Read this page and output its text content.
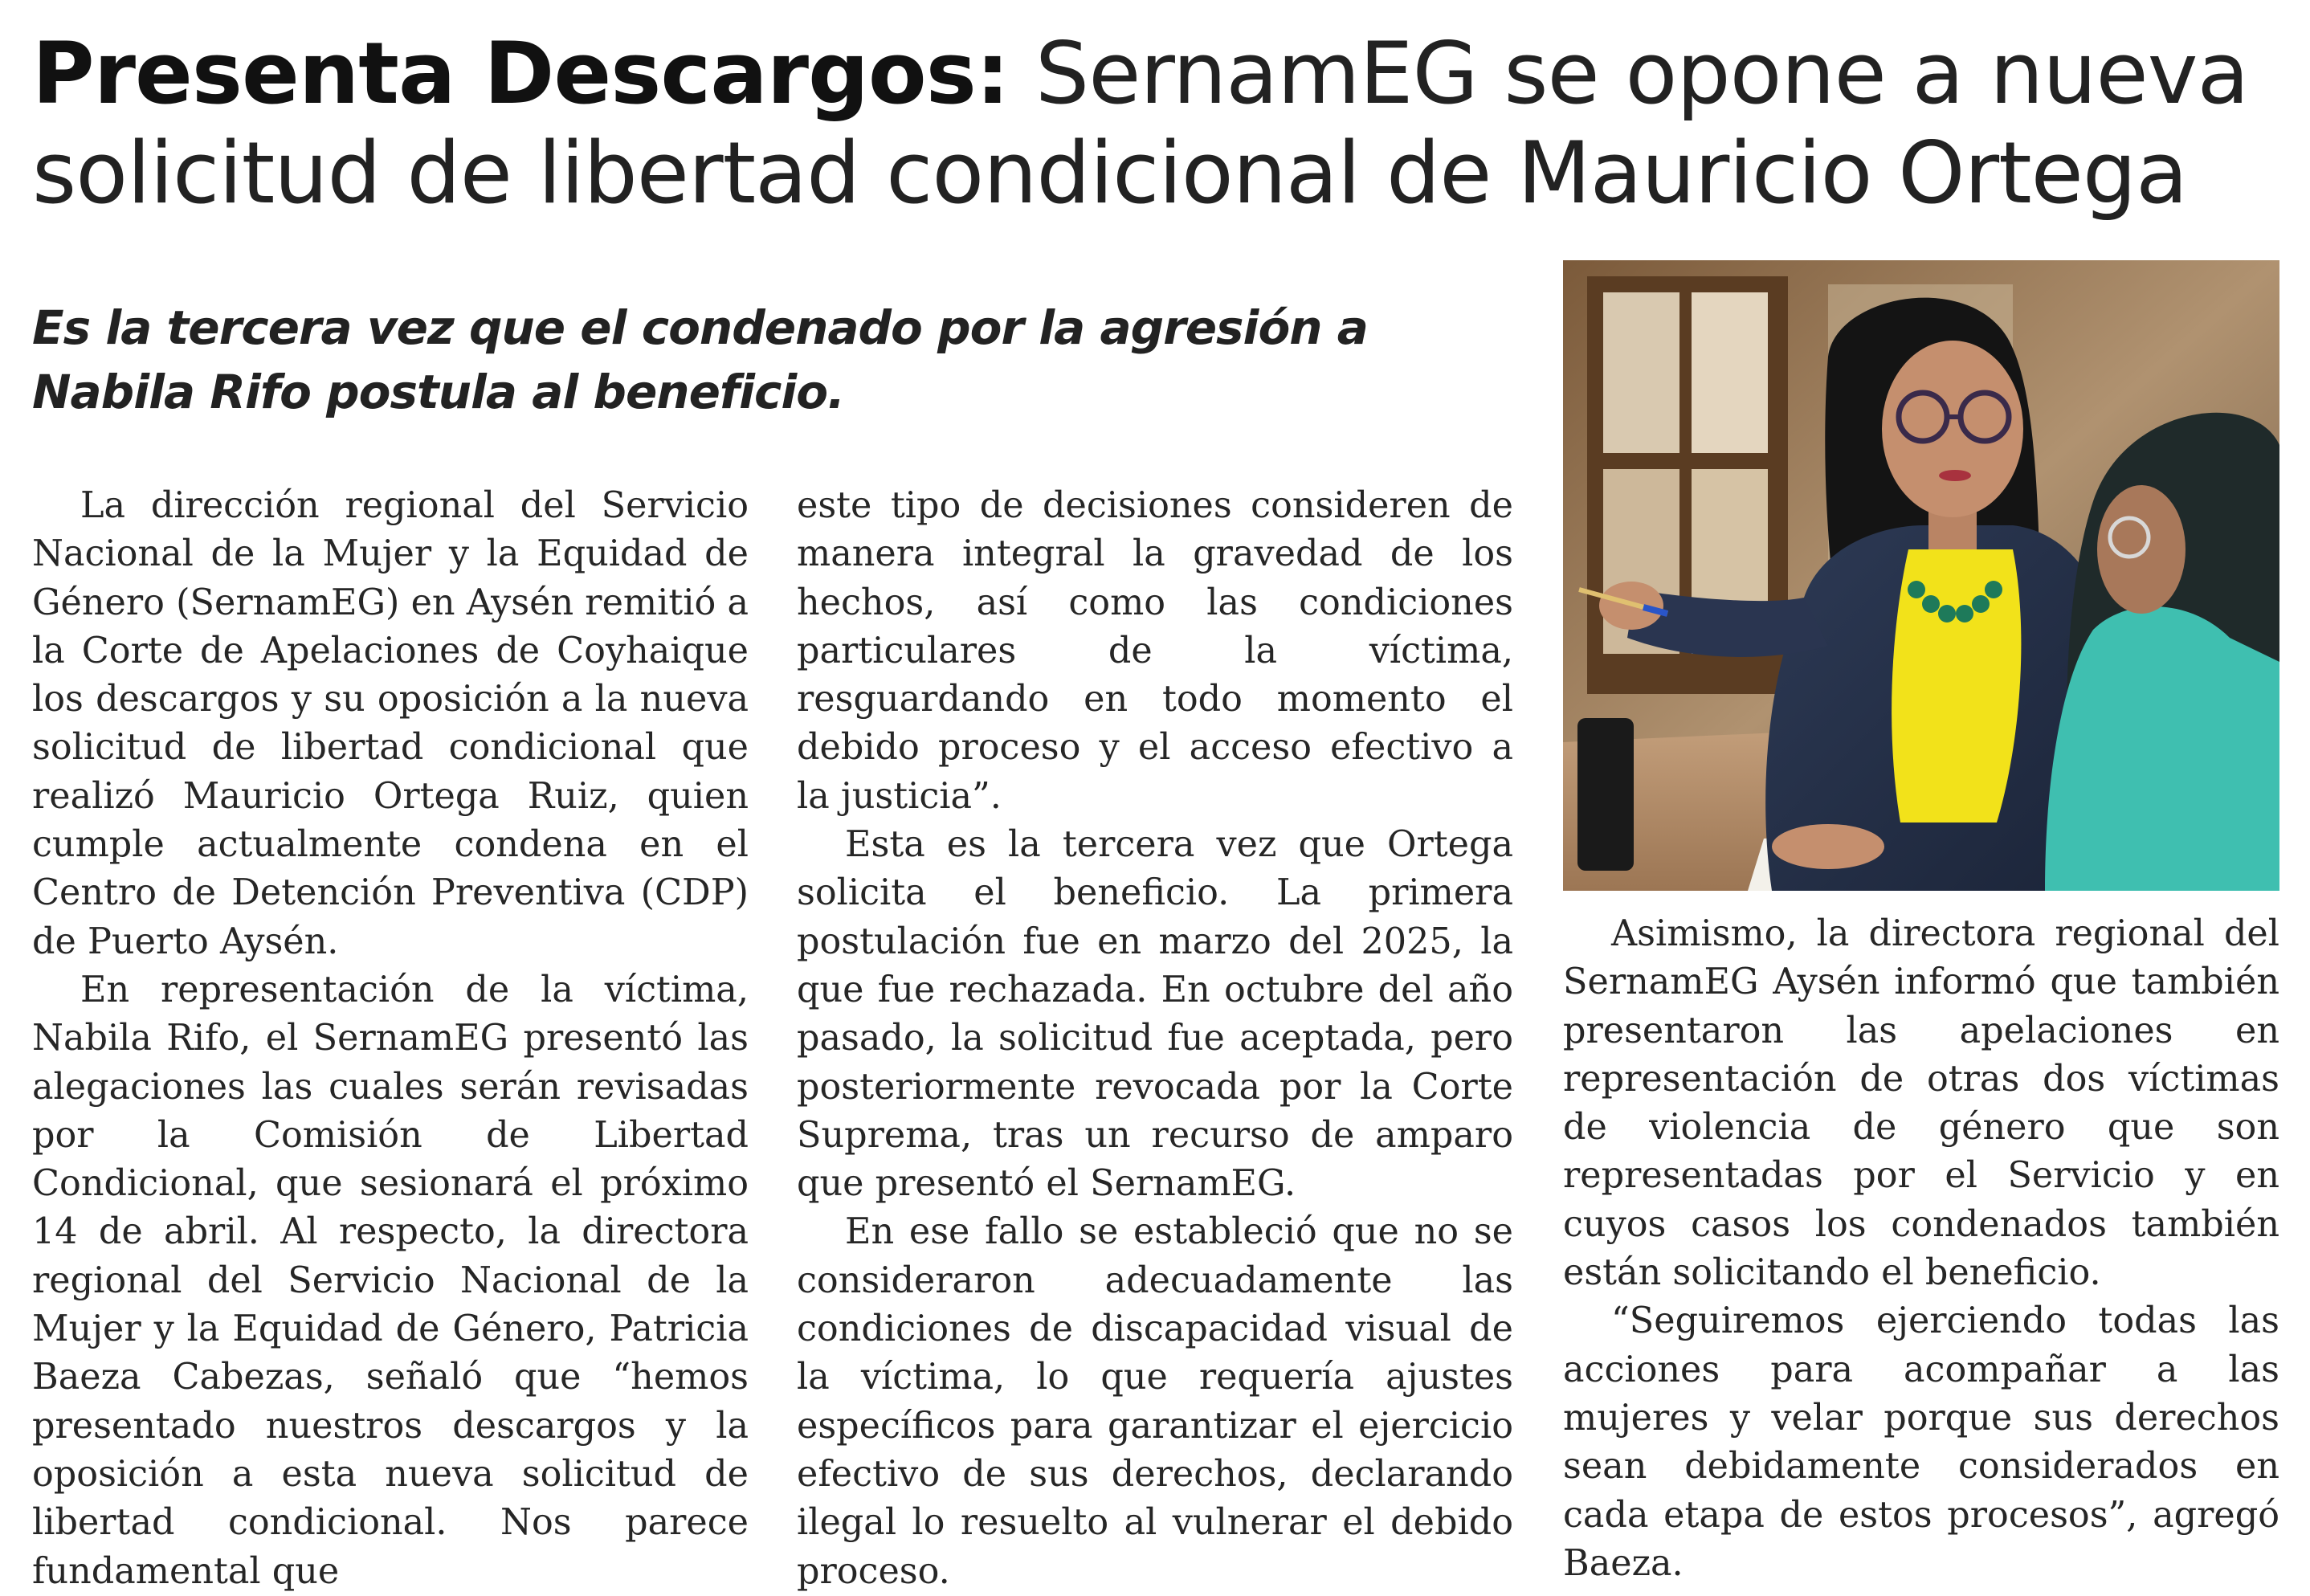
Presenta Descargos: SernamEG se opone a nueva solicitud de libertad condicional de Mauricio Ortega
Es la tercera vez que el condenado por la agresión a Nabila Rifo postula al beneficio.

La dirección regional del Servicio Nacional de la Mujer y la Equidad de Género (SernamEG) en Aysén remitió a la Corte de Apelaciones de Coyhaique los descargos y su oposición a la nueva solicitud de libertad condicional que realizó Mauricio Ortega Ruiz, quien cumple actualmente condena en el Centro de Detención Preventiva (CDP) de Puerto Aysén.

En representación de la víctima, Nabila Rifo, el SernamEG presentó las alegaciones las cuales serán revisadas por la Comisión de Libertad Condicional, que sesionará el próximo 14 de abril. Al respecto, la directora regional del Servicio Nacional de la Mujer y la Equidad de Género, Patricia Baeza Cabezas, señaló que “hemos presentado nuestros descargos y la oposición a esta nueva solicitud de libertad condicional. Nos parece fundamental que

este tipo de decisiones consideren de manera integral la gravedad de los hechos, así como las condiciones particulares de la víctima, resguardando en todo momento el debido proceso y el acceso efectivo a la justicia”.

Esta es la tercera vez que Ortega solicita el beneficio. La primera postulación fue en marzo del 2025, la que fue rechazada. En octubre del año pasado, la solicitud fue aceptada, pero posteriormente revocada por la Corte Suprema, tras un recurso de amparo que presentó el SernamEG.

En ese fallo se estableció que no se consideraron adecuadamente las condiciones de discapacidad visual de la víctima, lo que requería ajustes específicos para garantizar el ejercicio efectivo de sus derechos, declarando ilegal lo resuelto al vulnerar el debido proceso.

Asimismo, la directora regional del SernamEG Aysén informó que también presentaron las apelaciones en representación de otras dos víctimas de violencia de género que son representadas por el Servicio y en cuyos casos los condenados también están solicitando el beneficio.

“Seguiremos ejerciendo todas las acciones para acompañar a las mujeres y velar porque sus derechos sean debidamente considerados en cada etapa de estos procesos”, agregó Baeza.
